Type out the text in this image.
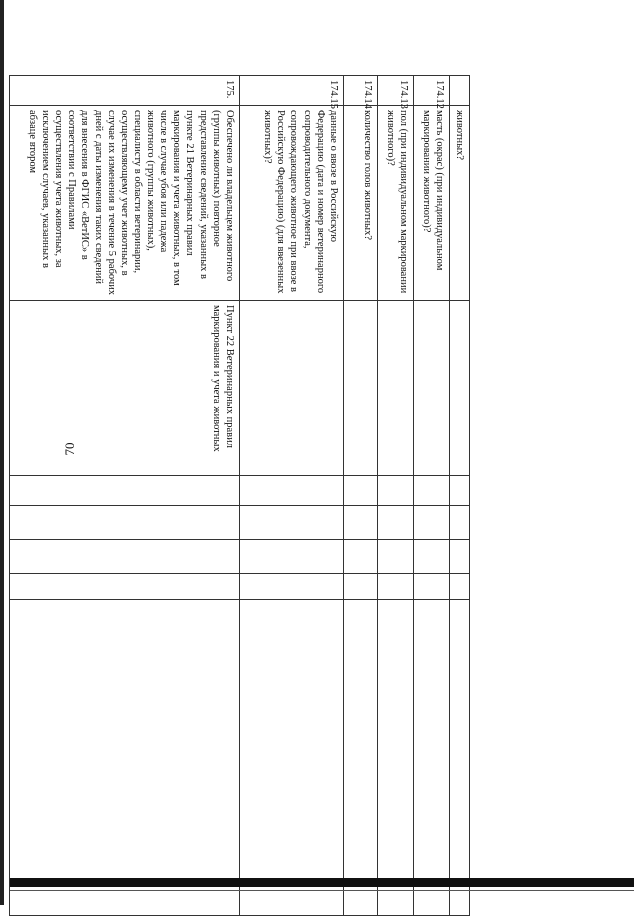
70
	животных?						
174.12	масть (окрас) (при индивидуальном маркировании животного)?						
174.13	пол (при индивидуальном маркировании животного)?						
174.14	количество голов животных?						
174.15	данные о ввозе в Российскую Федерацию (дата и номер ветеринарного сопроводительного документа, сопровождающего животное при ввозе в Российскую Федерацию) (для ввезенных животных)?						
175.	Обеспечено ли владельцем животного (группы животных) повторное представление сведений, указанных в пункте 21 Ветеринарных правил маркирования и учета животных, в том числе в случае убоя или падежа животного (группы животных), специалисту в области ветеринарии, осуществляющему учет животных, в случае их изменения в течение 5 рабочих дней с даты изменения таких сведений для внесения в ФГИС «ВетИС» в соответствии с Правилами осуществления учета животных, за исключением случаев, указанных в абзаце втором	Пункт 22 Ветеринарных правил маркирования и учета животных					
